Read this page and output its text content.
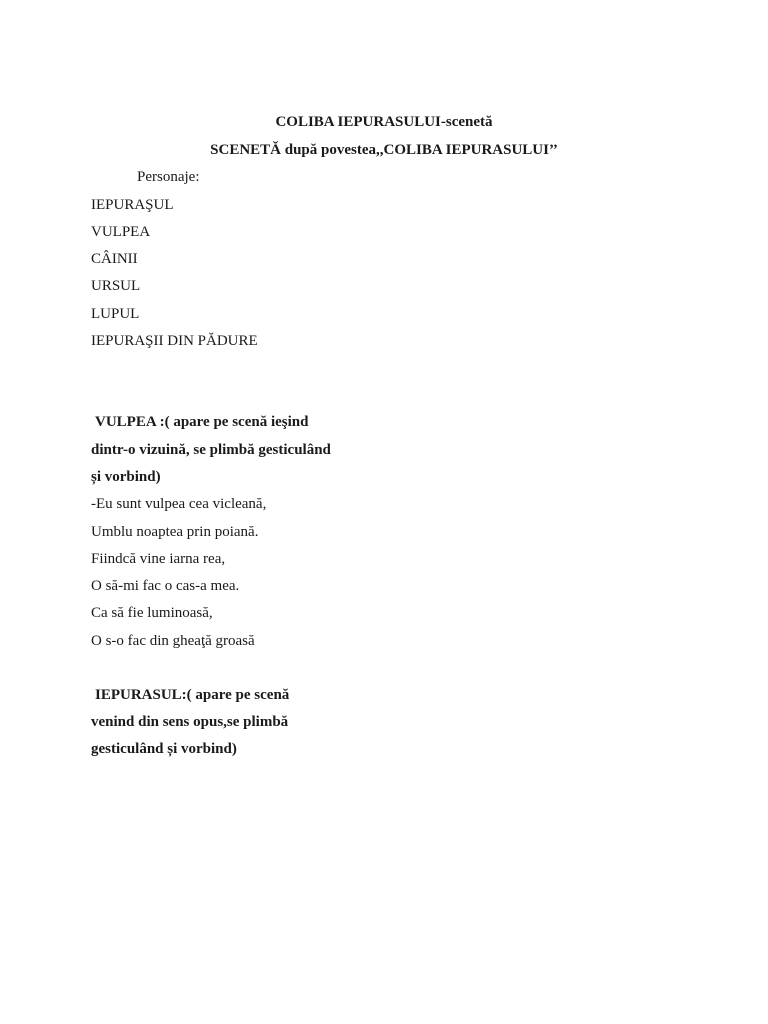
COLIBA IEPURASULUI-scenetă
SCENETĂ după povestea,,COLIBA IEPURASULUI’’
Personaje:
IEPURAŞUL
VULPEA
CÂINII
URSUL
LUPUL
IEPURAŞII DIN PĂDURE
VULPEA :( apare pe scenă ieşind
dintr-o vizuină, se plimbă gesticulând
și vorbind)
-Eu sunt vulpea cea vicleană,
Umblu noaptea prin poiană.
Fiindcă vine iarna rea,
O să-mi fac o cas-a mea.
Ca să fie luminoasă,
O s-o fac din gheaţă groasă
IEPURASUL:( apare pe scenă
venind din sens opus,se plimbă
gesticulând și vorbind)
